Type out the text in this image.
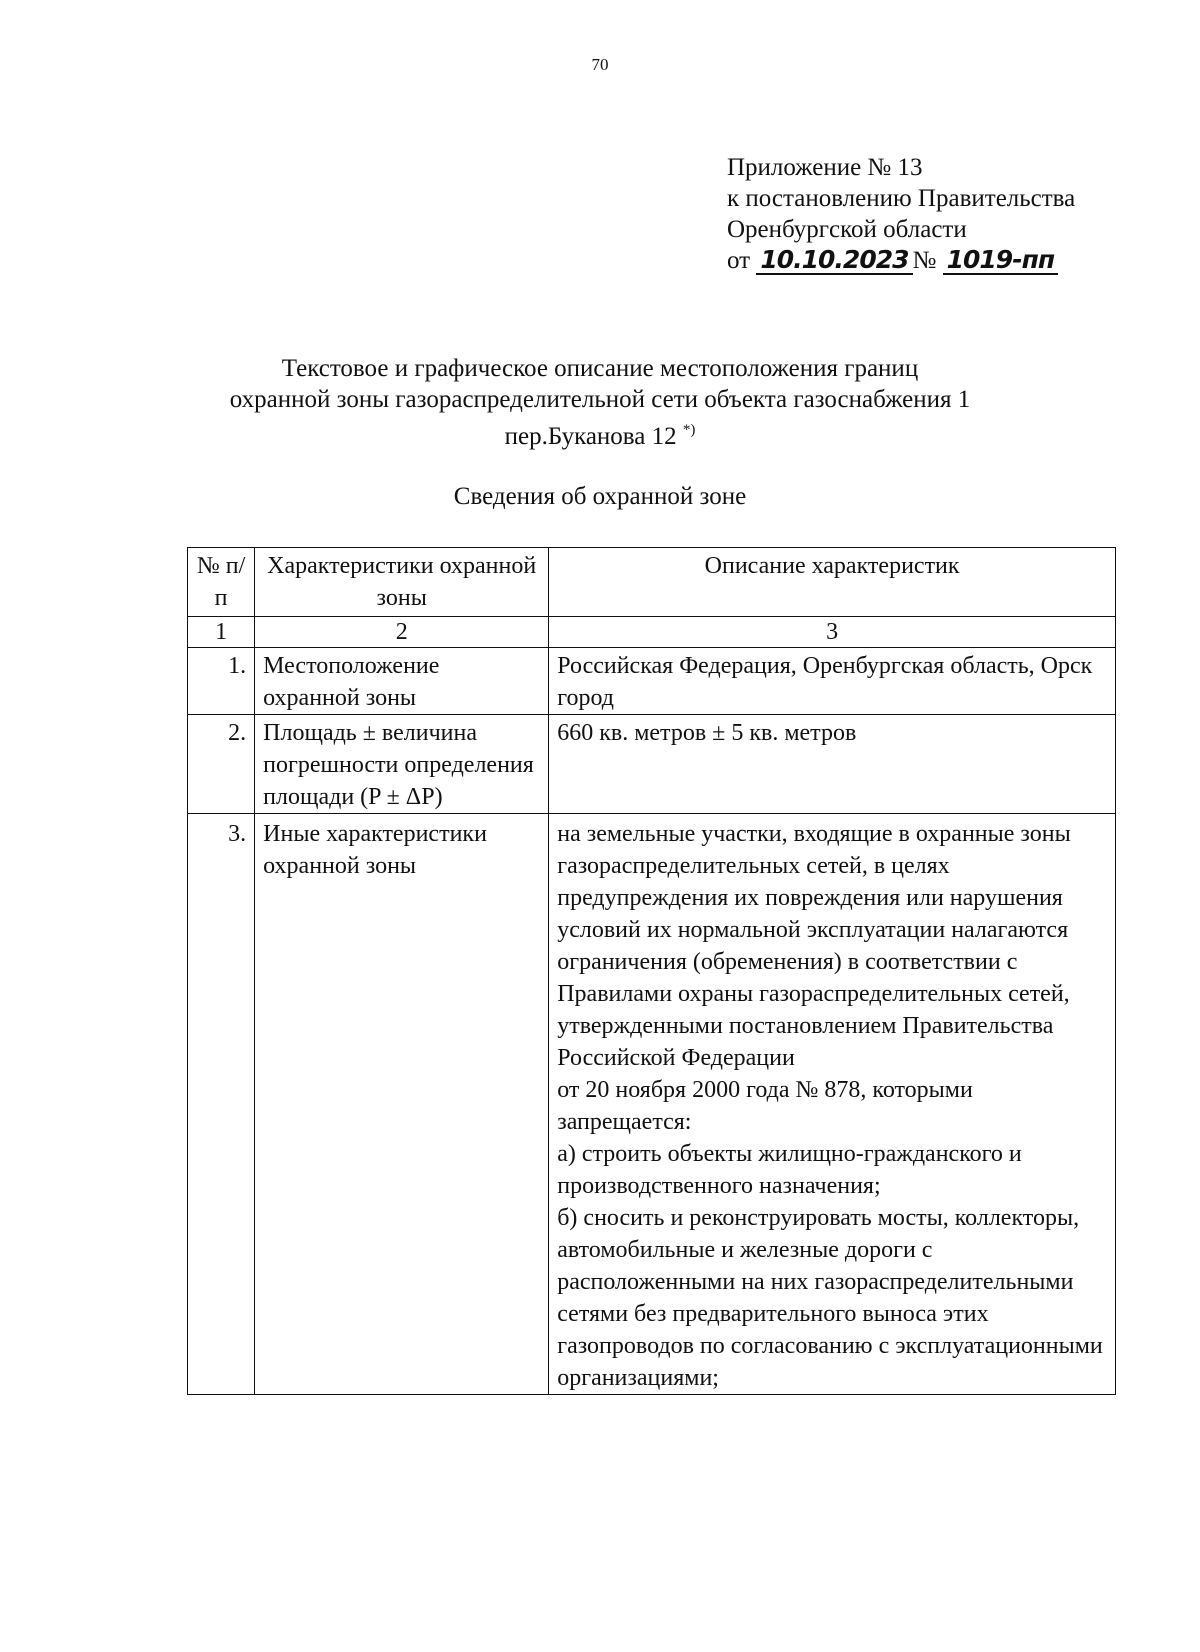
70
Приложение № 13
к постановлению Правительства
Оренбургской области
от 10.10.2023 № 1019-пп
Текстовое и графическое описание местоположения границ
охранной зоны газораспределительной сети объекта газоснабжения 1
пер.Буканова 12 *)
Сведения об охранной зоне
№ п/п	Характеристики охранной зоны	Описание характеристик
1	2	3
1.	Местоположение охранной зоны	Российская Федерация, Оренбургская область, Орск город
2.	Площадь ± величина погрешности определения площади (P ± ΔP)	660 кв. метров ± 5 кв. метров
3.	Иные характеристики охранной зоны	на земельные участки, входящие в охранные зоны газораспределительных сетей, в целях предупреждения их повреждения или нарушения условий их нормальной эксплуатации налагаются ограничения (обременения) в соответствии с Правилами охраны газораспределительных сетей, утвержденными постановлением Правительства Российской Федерации
от 20 ноября 2000 года № 878, которыми запрещается:
а) строить объекты жилищно-гражданского и производственного назначения;
б) сносить и реконструировать мосты, коллекторы, автомобильные и железные дороги с расположенными на них газораспределительными сетями без предварительного выноса этих газопроводов по согласованию с эксплуатационными организациями;
